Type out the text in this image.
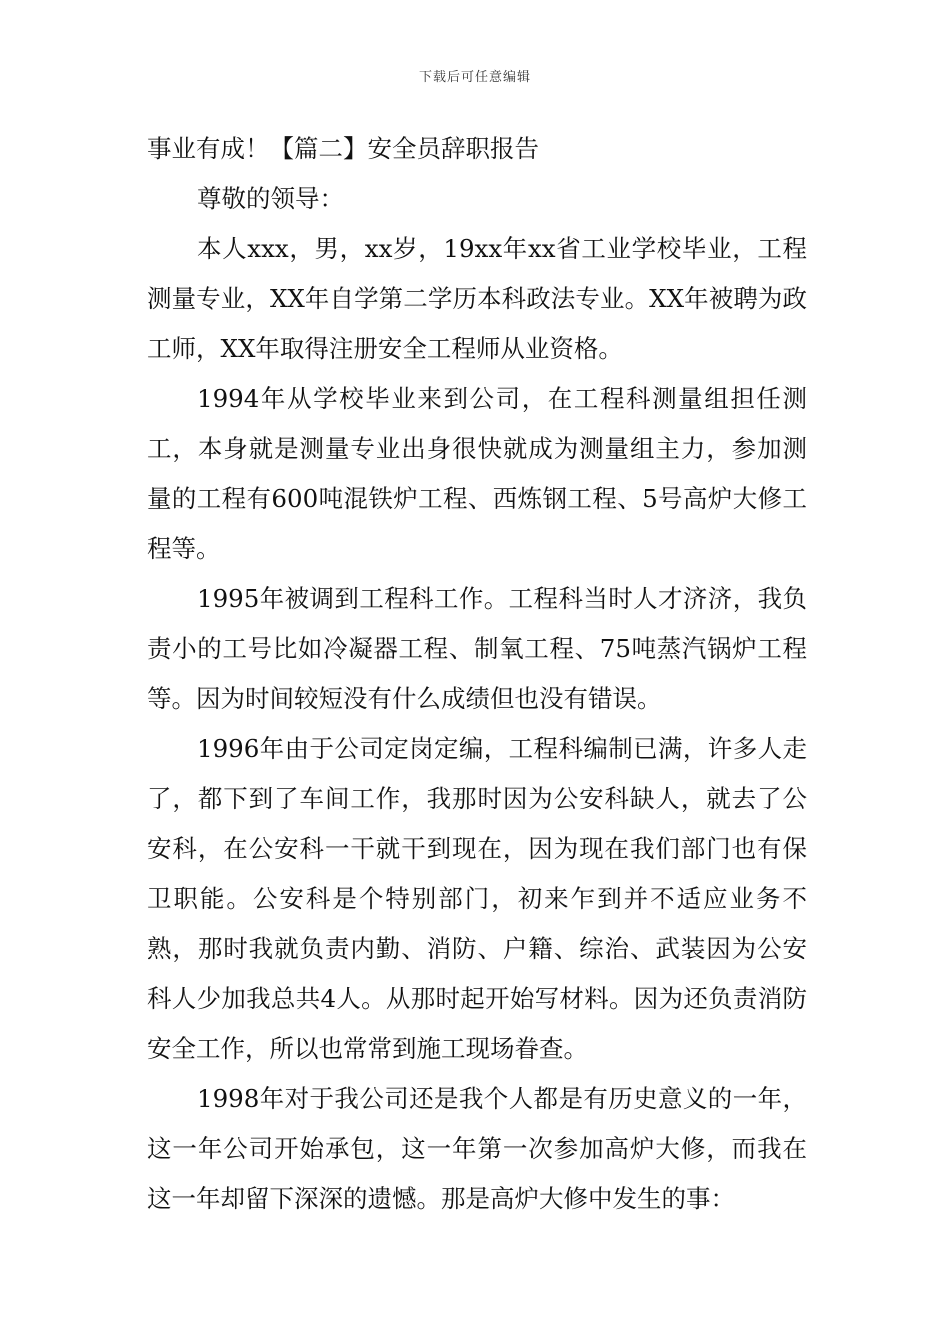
下载后可任意编辑

事业有成！【篇二】安全员辞职报告

尊敬的领导：

本人xxx，男，xx岁，19xx年xx省工业学校毕业，工程测量专业，XX年自学第二学历本科政法专业。XX年被聘为政工师，XX年取得注册安全工程师从业资格。

1994年从学校毕业来到公司，在工程科测量组担任测工，本身就是测量专业出身很快就成为测量组主力，参加测量的工程有600吨混铁炉工程、西炼钢工程、5号高炉大修工程等。

1995年被调到工程科工作。工程科当时人才济济，我负责小的工号比如冷凝器工程、制氧工程、75吨蒸汽锅炉工程等。因为时间较短没有什么成绩但也没有错误。

1996年由于公司定岗定编，工程科编制已满，许多人走了，都下到了车间工作，我那时因为公安科缺人，就去了公安科，在公安科一干就干到现在，因为现在我们部门也有保卫职能。公安科是个特别部门，初来乍到并不适应业务不熟，那时我就负责内勤、消防、户籍、综治、武装因为公安科人少加我总共4人。从那时起开始写材料。因为还负责消防安全工作，所以也常常到施工现场眷查。

1998年对于我公司还是我个人都是有历史意义的一年，这一年公司开始承包，这一年第一次参加高炉大修，而我在这一年却留下深深的遗憾。那是高炉大修中发生的事：
